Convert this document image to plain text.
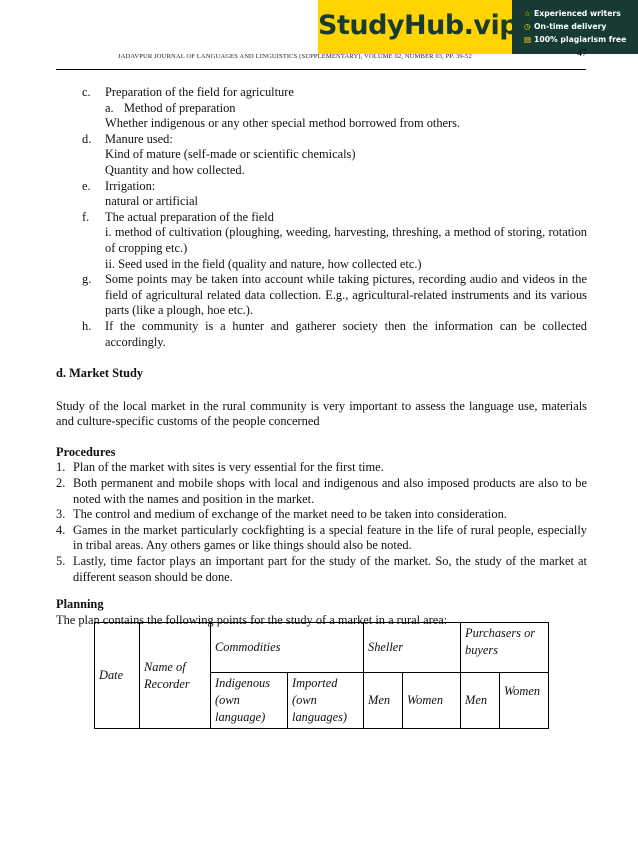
StudyHub.vip ☆ Experienced writers
◷ On-time delivery
▤ 100% plagiarism free
JADAVPUR JOURNAL OF LANGUAGES AND LINGUISTICS (SUPPLEMENTARY), VOLUME 02, NUMBER 03, PP. 39-52	47
c.	Preparation of the field for agriculture
a. Method of preparation
Whether indigenous or any other special method borrowed from others.
d.	Manure used:
Kind of mature (self-made or scientific chemicals)
Quantity and how collected.
e.	Irrigation:
natural or artificial
f.	The actual preparation of the field
i. method of cultivation (ploughing, weeding, harvesting, threshing, a method of storing, rotation of cropping etc.)
ii. Seed used in the field (quality and nature, how collected etc.)
g.	Some points may be taken into account while taking pictures, recording audio and videos in the field of agricultural related data collection. E.g., agricultural-related instruments and its various parts (like a plough, hoe etc.).
h.	If the community is a hunter and gatherer society then the information can be collected accordingly.
d. Market Study
Study of the local market in the rural community is very important to assess the language use, materials and culture-specific customs of the people concerned
Procedures
1. Plan of the market with sites is very essential for the first time.
2. Both permanent and mobile shops with local and indigenous and also imposed products are also to be noted with the names and position in the market.
3. The control and medium of exchange of the market need to be taken into consideration.
4. Games in the market particularly cockfighting is a special feature in the life of rural people, especially in tribal areas. Any others games or like things should also be noted.
5. Lastly, time factor plays an important part for the study of the market. So, the study of the market at different season should be done.
Planning
The plan contains the following points for the study of a market in a rural area:
Date	Name of Recorder	Commodities		Sheller		Purchasers or buyers	
		Indigenous (own language)	Imported (own languages)	Men	Women	Men	Women
